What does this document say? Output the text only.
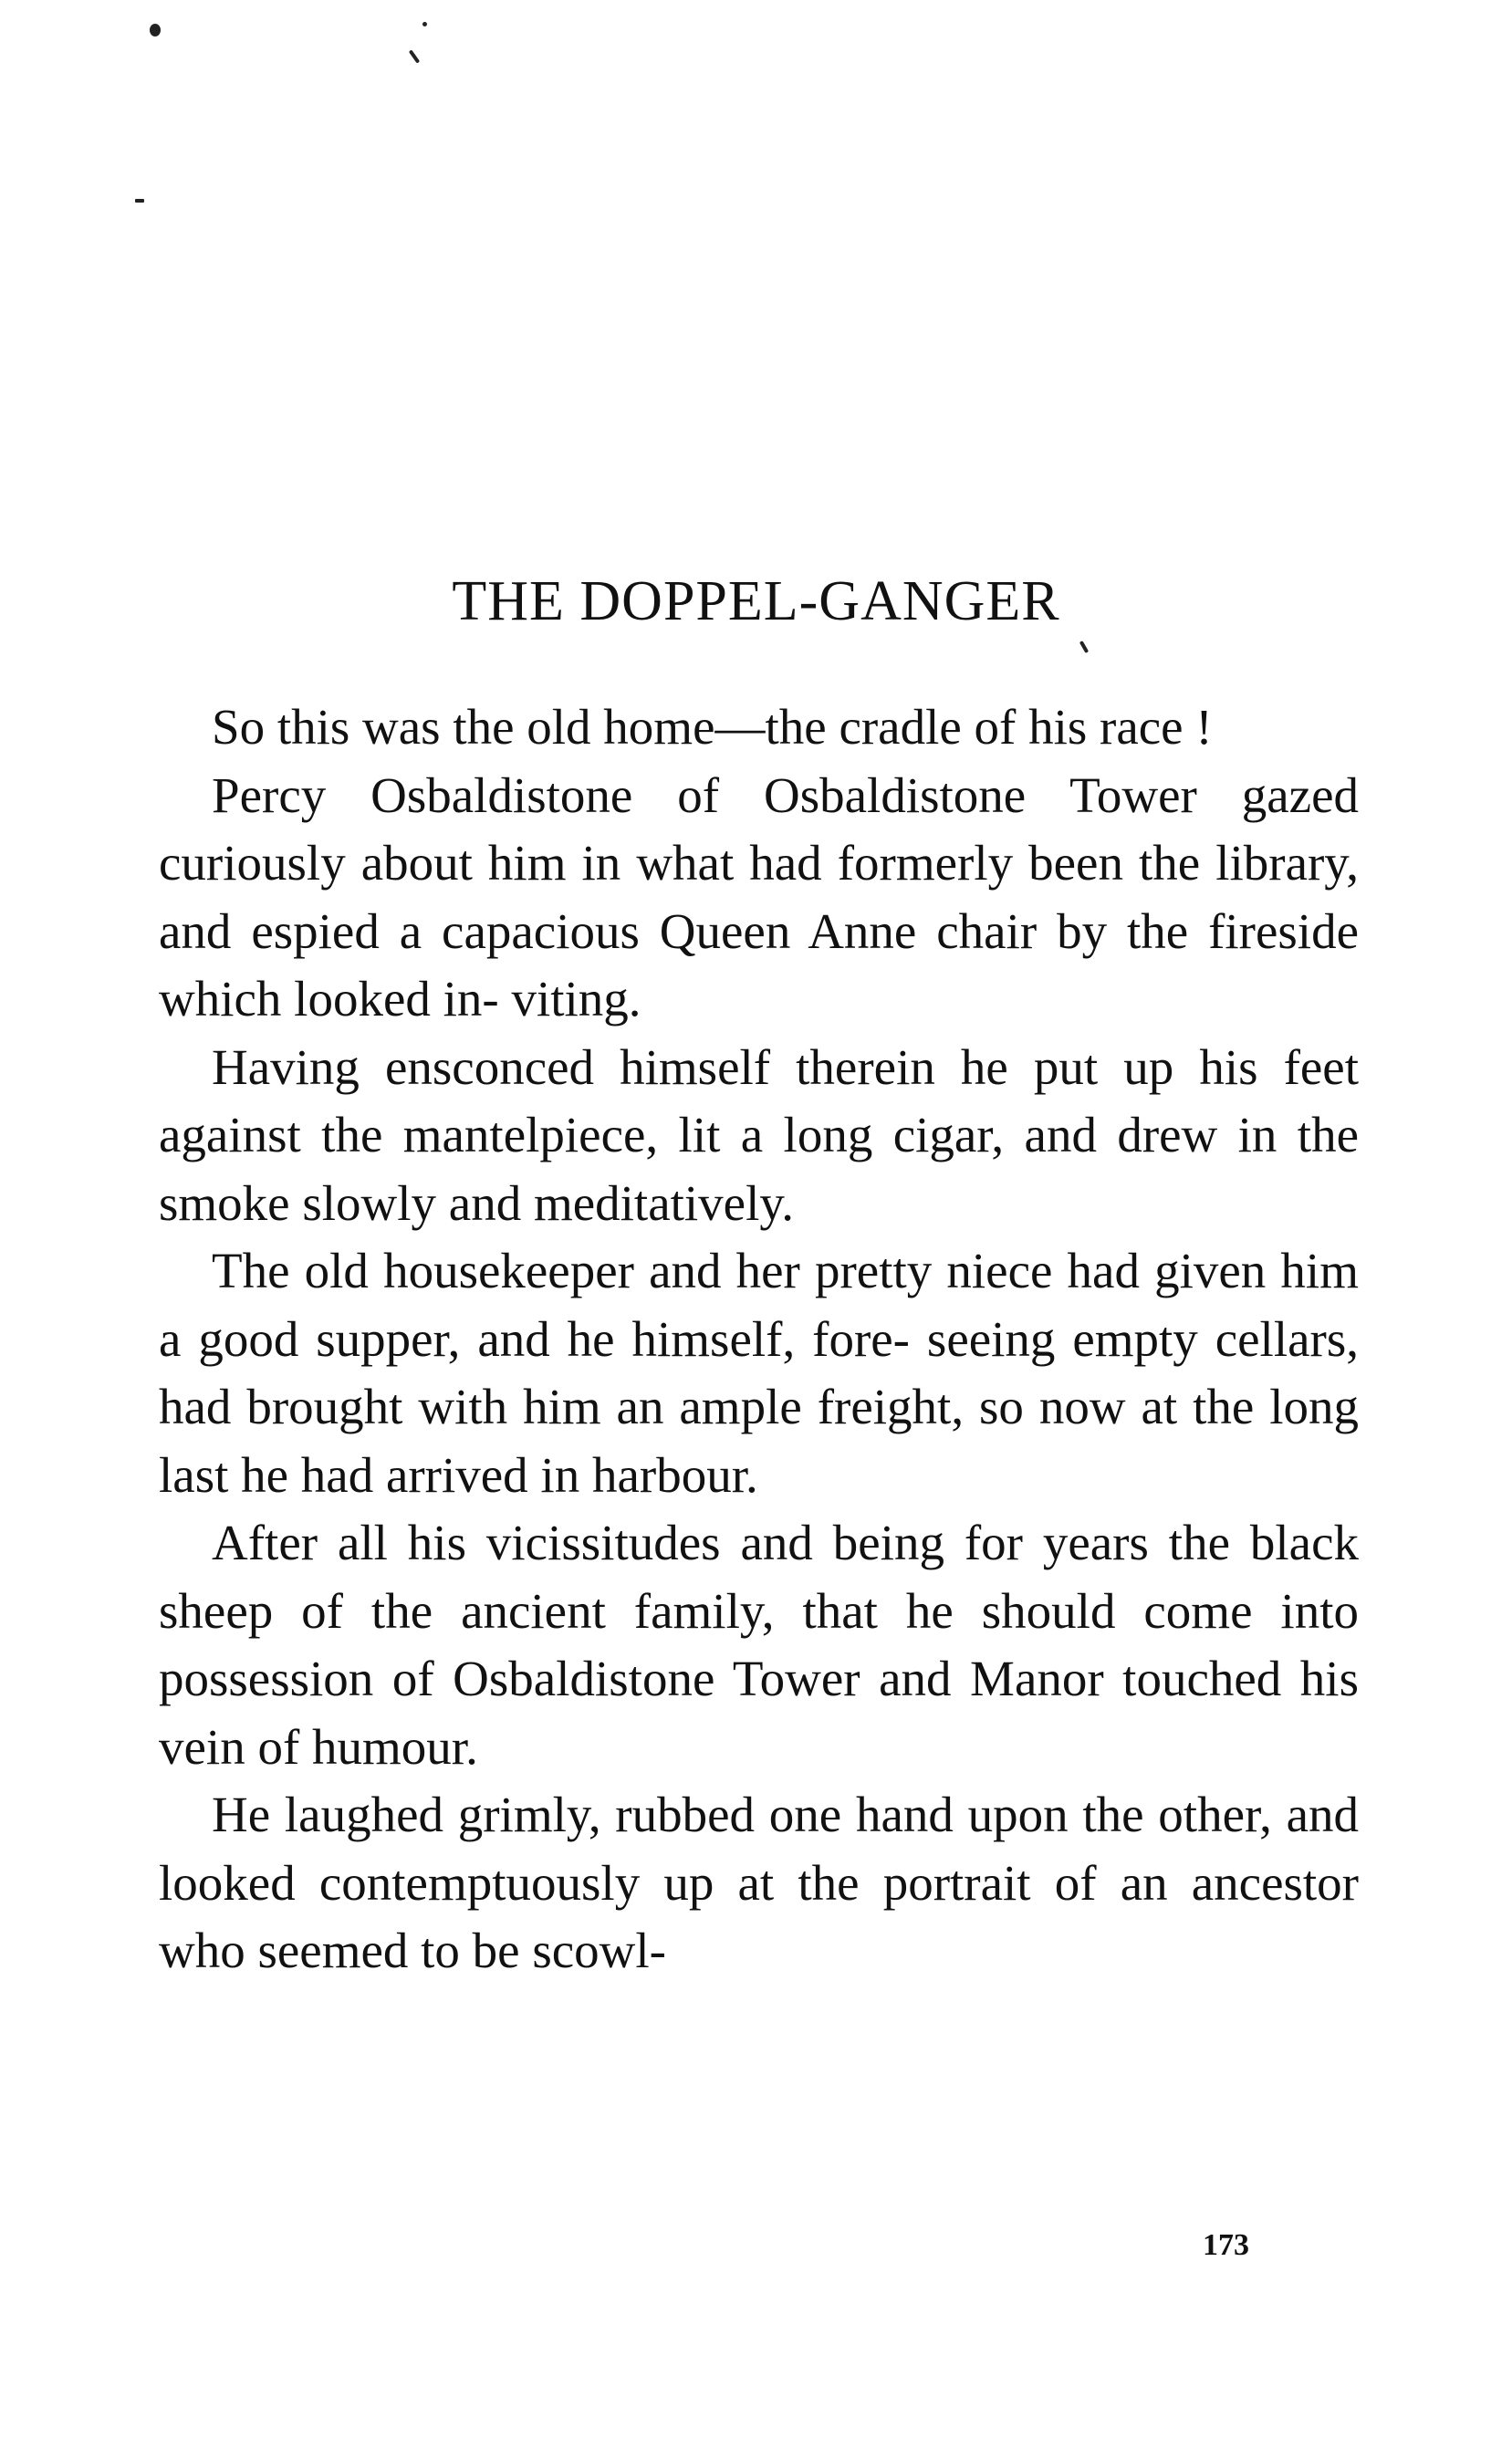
THE DOPPEL-GANGER

So this was the old home—the cradle of his race !

Percy Osbaldistone of Osbaldistone Tower gazed curiously about him in what had formerly been the library, and espied a capacious Queen Anne chair by the fireside which looked in- viting.

Having ensconced himself therein he put up his feet against the mantelpiece, lit a long cigar, and drew in the smoke slowly and meditatively.

The old housekeeper and her pretty niece had given him a good supper, and he himself, fore- seeing empty cellars, had brought with him an ample freight, so now at the long last he had arrived in harbour.

After all his vicissitudes and being for years the black sheep of the ancient family, that he should come into possession of Osbaldistone Tower and Manor touched his vein of humour.

He laughed grimly, rubbed one hand upon the other, and looked contemptuously up at the portrait of an ancestor who seemed to be scowl-

173
